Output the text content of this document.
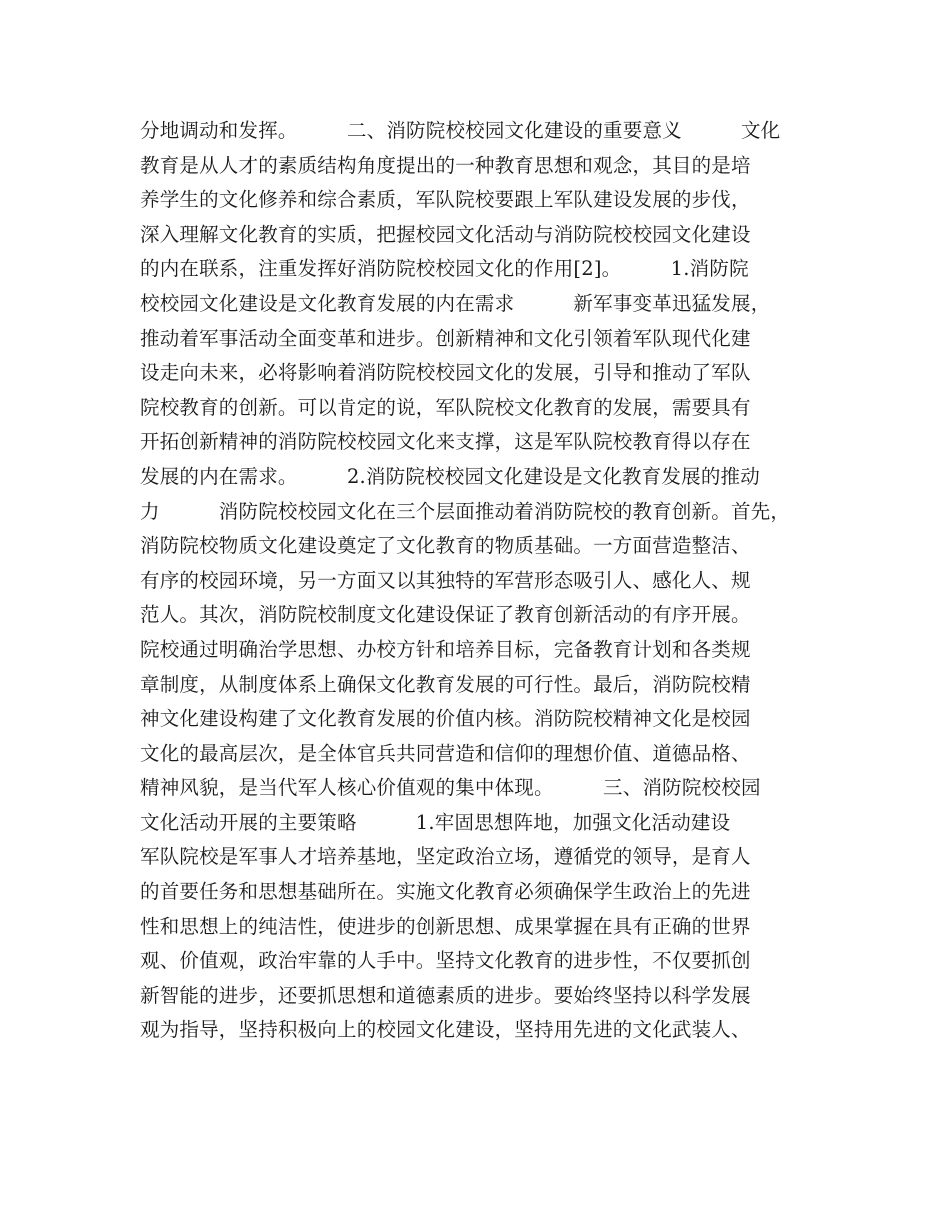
分地调动和发挥。　　　二、消防院校校园文化建设的重要意义　　　文化
教育是从人才的素质结构角度提出的一种教育思想和观念，其目的是培
养学生的文化修养和综合素质，军队院校要跟上军队建设发展的步伐，
深入理解文化教育的实质，把握校园文化活动与消防院校校园文化建设
的内在联系，注重发挥好消防院校校园文化的作用[2]。　　　1.消防院
校校园文化建设是文化教育发展的内在需求　　　新军事变革迅猛发展，
推动着军事活动全面变革和进步。创新精神和文化引领着军队现代化建
设走向未来，必将影响着消防院校校园文化的发展，引导和推动了军队
院校教育的创新。可以肯定的说，军队院校文化教育的发展，需要具有
开拓创新精神的消防院校校园文化来支撑，这是军队院校教育得以存在
发展的内在需求。　　　2.消防院校校园文化建设是文化教育发展的推动
力　　　消防院校校园文化在三个层面推动着消防院校的教育创新。首先，
消防院校物质文化建设奠定了文化教育的物质基础。一方面营造整洁、
有序的校园环境，另一方面又以其独特的军营形态吸引人、感化人、规
范人。其次，消防院校制度文化建设保证了教育创新活动的有序开展。
院校通过明确治学思想、办校方针和培养目标，完备教育计划和各类规
章制度，从制度体系上确保文化教育发展的可行性。最后，消防院校精
神文化建设构建了文化教育发展的价值内核。消防院校精神文化是校园
文化的最高层次，是全体官兵共同营造和信仰的理想价值、道德品格、
精神风貌，是当代军人核心价值观的集中体现。　　　三、消防院校校园
文化活动开展的主要策略　　　1.牢固思想阵地，加强文化活动建设
军队院校是军事人才培养基地，坚定政治立场，遵循党的领导，是育人
的首要任务和思想基础所在。实施文化教育必须确保学生政治上的先进
性和思想上的纯洁性，使进步的创新思想、成果掌握在具有正确的世界
观、价值观，政治牢靠的人手中。坚持文化教育的进步性，不仅要抓创
新智能的进步，还要抓思想和道德素质的进步。要始终坚持以科学发展
观为指导，坚持积极向上的校园文化建设，坚持用先进的文化武装人、
